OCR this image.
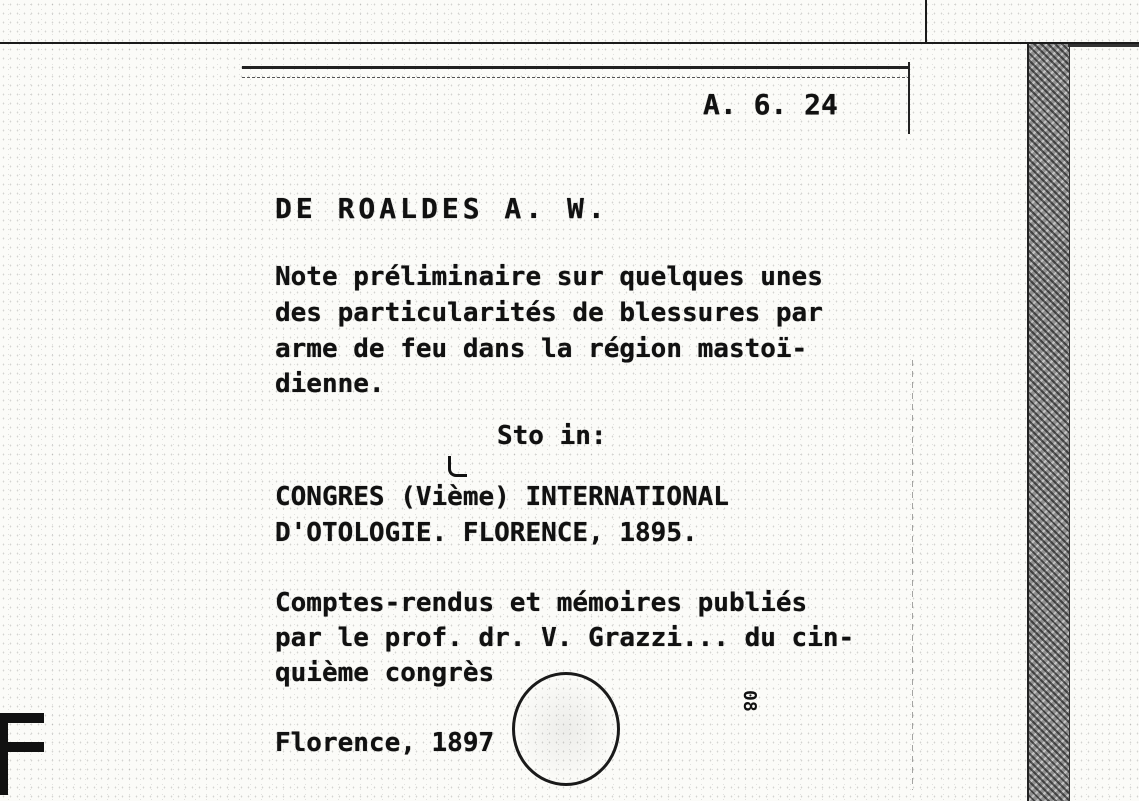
A. 6. 24
DE ROALDES A. W.
Note préliminaire sur quelques unes
des particularités de blessures par
arme de feu dans la région mastoï-
dienne.
Sto in:
CONGRES (Vième) INTERNATIONAL
D'OTOLOGIE. FLORENCE, 1895.
Comptes-rendus et mémoires publiés
par le prof. dr. V. Grazzi... du cin-
quième congrès
Florence, 1897
08
